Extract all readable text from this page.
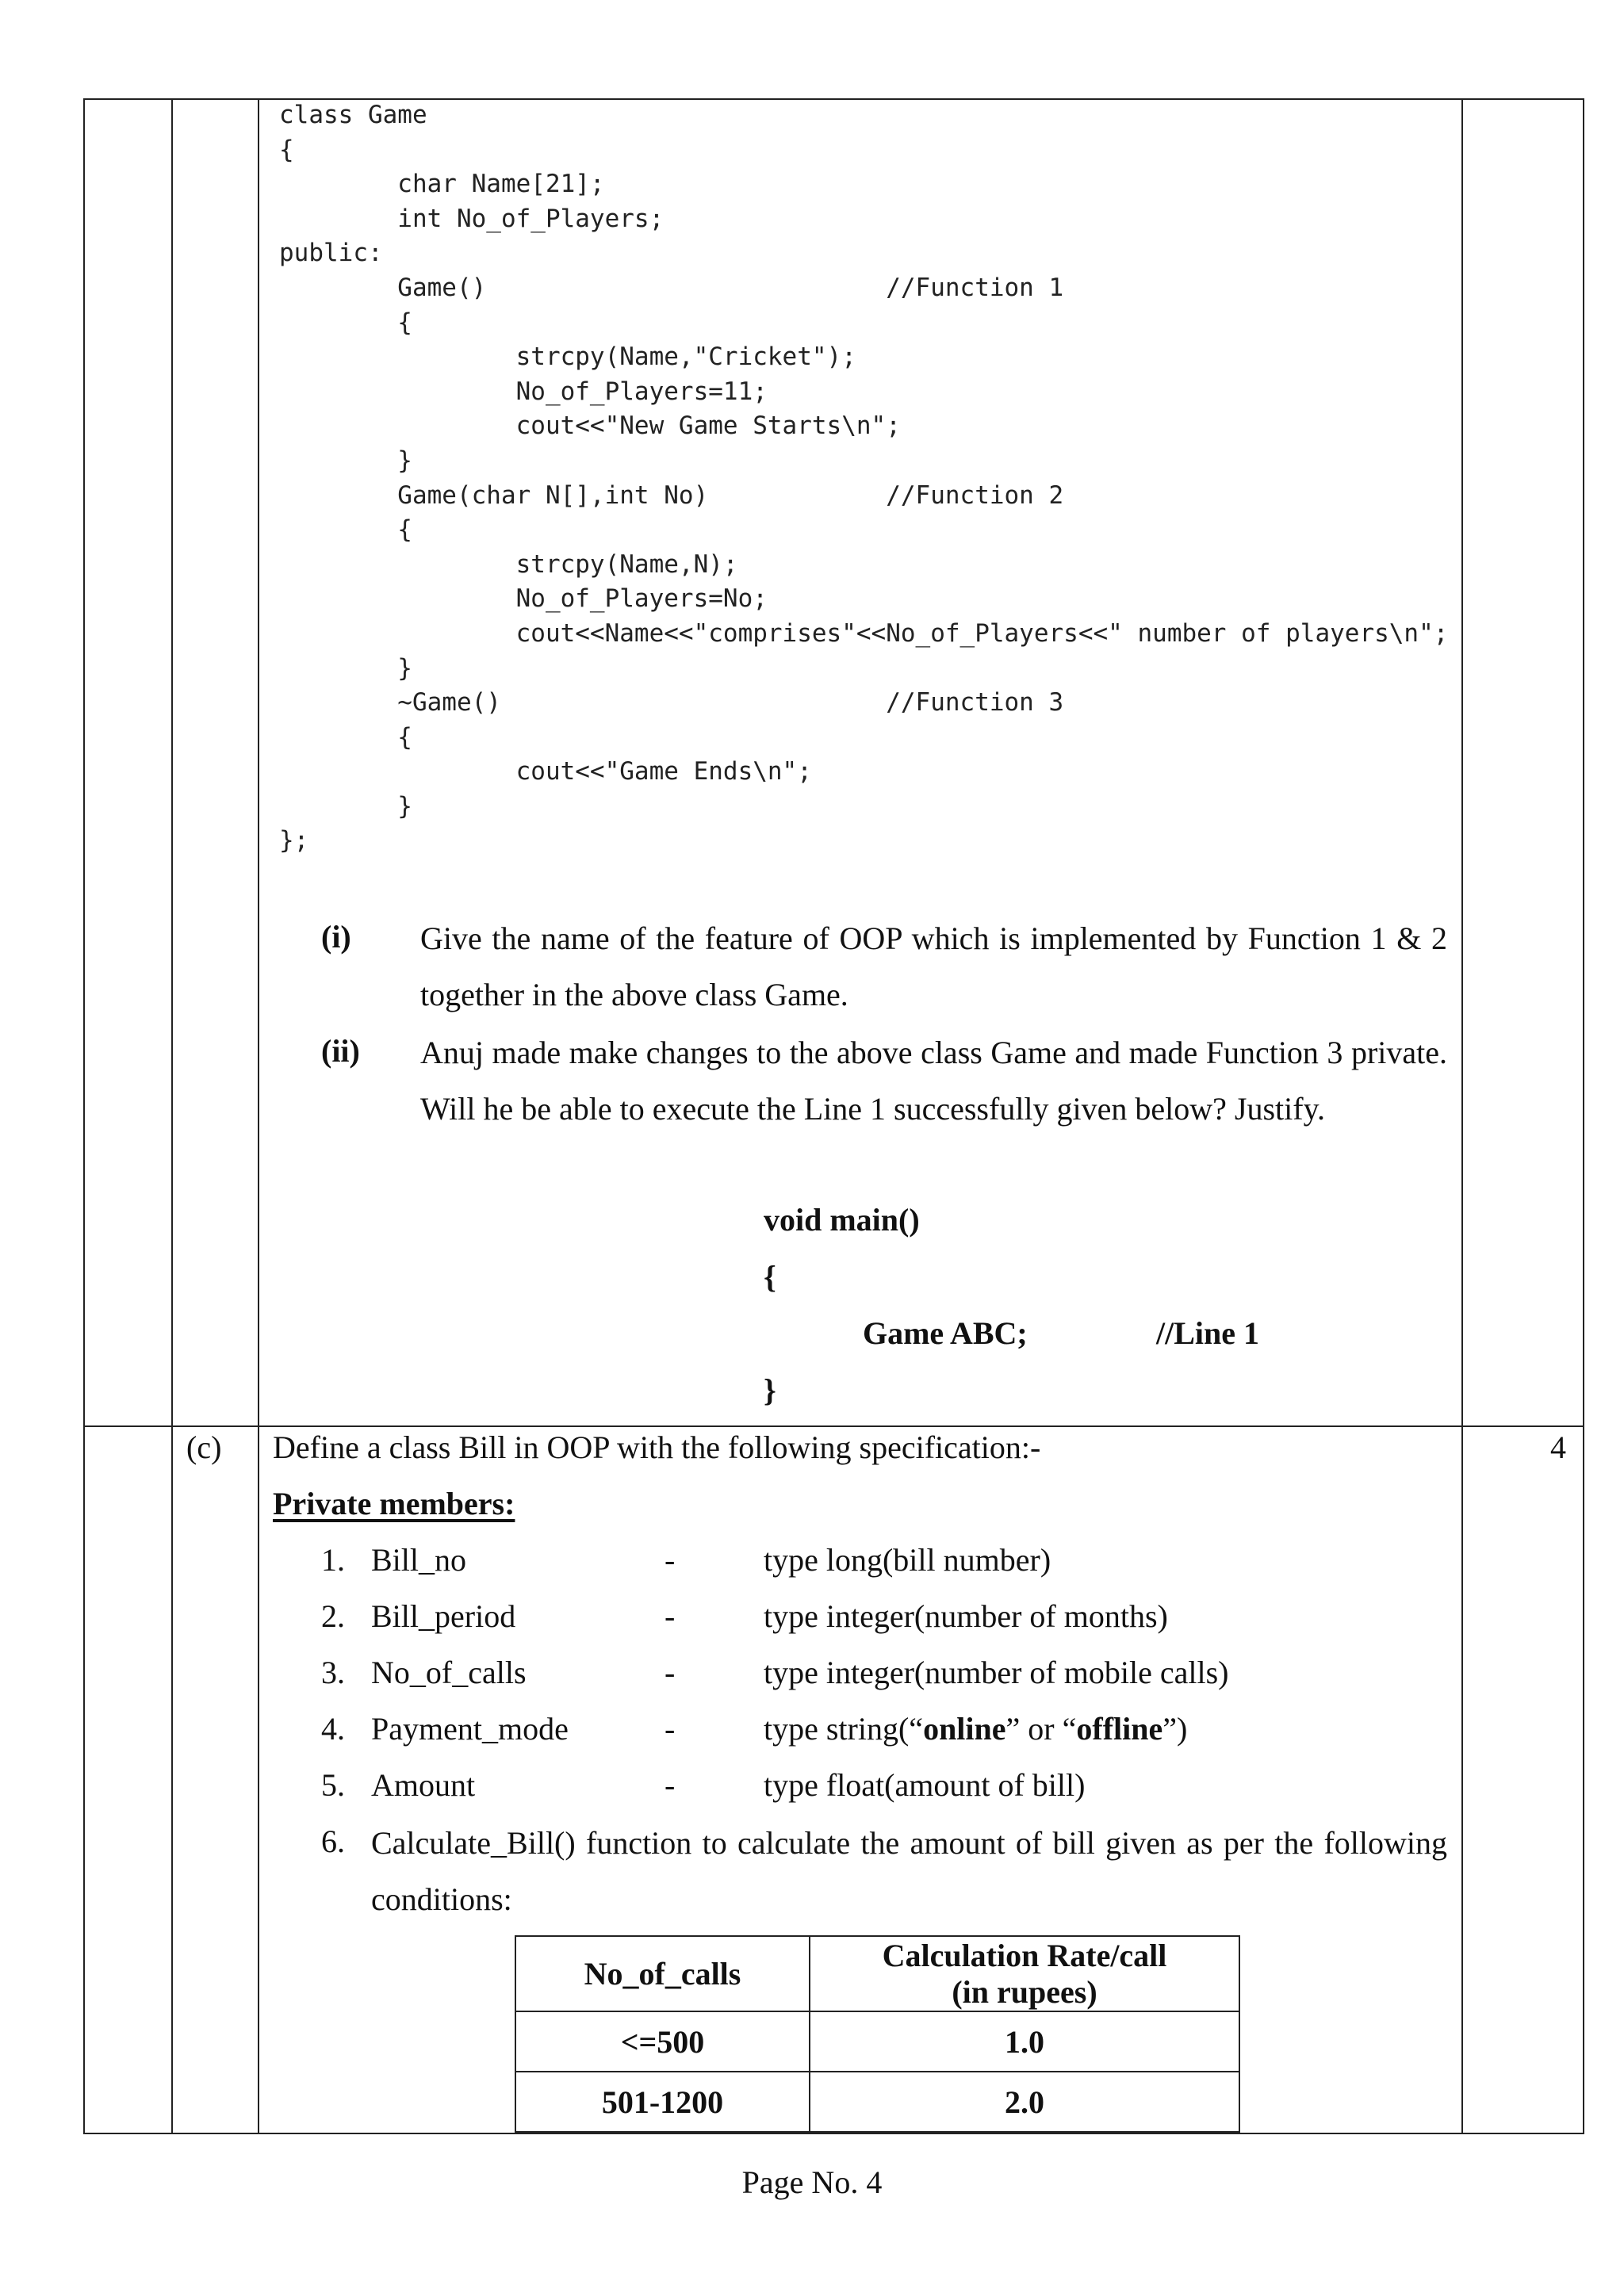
class Game
{
char Name[21];
int No_of_Players;
public:
Game()                           //Function 1
{
strcpy(Name,"Cricket");
No_of_Players=11;
cout<<"New Game Starts\n";
}
Game(char N[],int No)            //Function 2
{
strcpy(Name,N);
No_of_Players=No;
cout<<Name<<"comprises"<<No_of_Players<<" number of players\n";
}
~Game()                          //Function 3
{
cout<<"Game Ends\n";
}
};
(i) Give the name of the feature of OOP which is implemented by Function 1 & 2 together in the above class Game.
(ii) Anuj made make changes to the above class Game and made Function 3 private. Will he be able to execute the Line 1 successfully given below? Justify.
void main()
{
Game ABC;	//Line 1
}
(c)	4
Define a class Bill in OOP with the following specification:-
Private members:
1. Bill_no	-	type long(bill number)
2. Bill_period	-	type integer(number of months)
3. No_of_calls	-	type integer(number of mobile calls)
4. Payment_mode	-	type string(“online” or “offline”)
5. Amount	-	type float(amount of bill)
6. Calculate_Bill() function to calculate the amount of bill given as per the following conditions:
No_of_calls	Calculation Rate/call
(in rupees)

<=500	1.0
501-1200	2.0
Page No. 4
